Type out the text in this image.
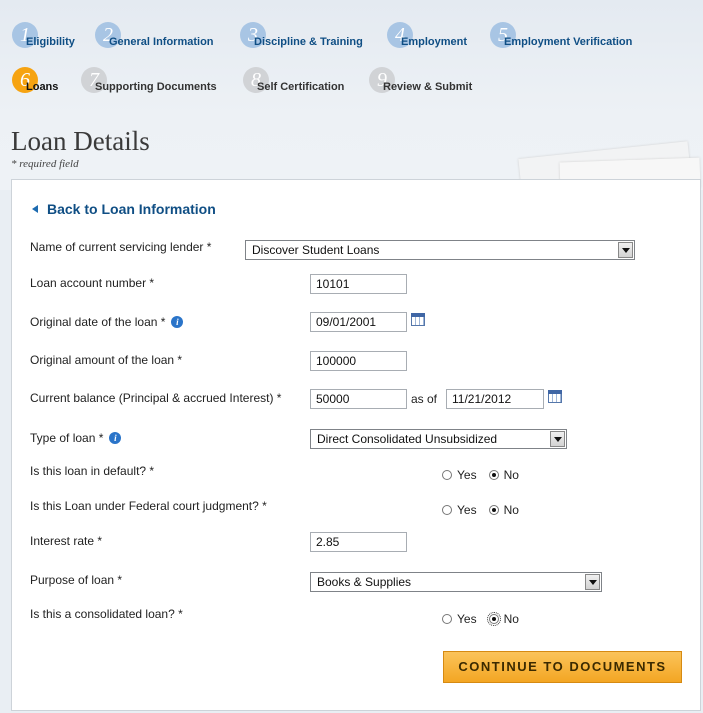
1
Eligibility	2
General Information	3
Discipline & Training	4
Employment	5
Employment Verification
6
Loans	7
Supporting Documents	8
Self Certification	9
Review & Submit
Loan Details
* required field
Back to Loan Information
Name of current servicing lender *	Discover Student Loans
Loan account number *	10101
Original date of the loan *	i	09/01/2001
Original amount of the loan *	100000
Current balance (Principal & accrued Interest) *	50000	as of	11/21/2012
Type of loan *	i	Direct Consolidated Unsubsidized
Is this loan in default? *	Yes No
Is this Loan under Federal court judgment? *	Yes No
Interest rate *	2.85
Purpose of loan *	Books & Supplies
Is this a consolidated loan? *	Yes No
CONTINUE TO DOCUMENTS
